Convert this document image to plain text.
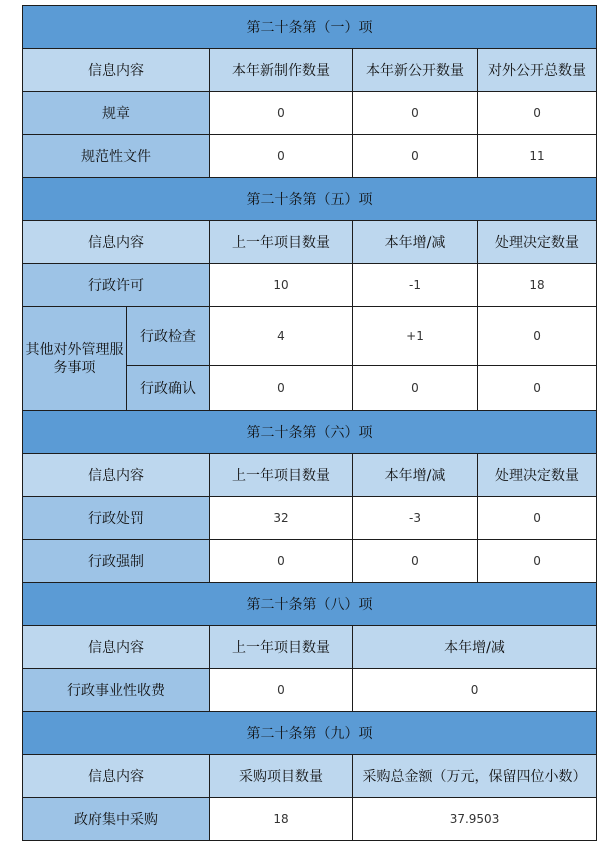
第二十条第（一）项				
信息内容		本年新制作数量	本年新公开数量	对外公开总数量
规章		0	0	0
规范性文件		0	0	11
第二十条第（五）项				
信息内容		上一年项目数量	本年增/减	处理决定数量
行政许可		10	-1	18
其他对外管理服务事项	行政检查	4	+1	0
	行政确认	0	0	0
第二十条第（六）项				
信息内容		上一年项目数量	本年增/减	处理决定数量
行政处罚		32	-3	0
行政强制		0	0	0
第二十条第（八）项				
信息内容		上一年项目数量	本年增/减	
行政事业性收费		0	0	
第二十条第（九）项				
信息内容		采购项目数量	采购总金额（万元，保留四位小数）	
政府集中采购		18	37.9503	
